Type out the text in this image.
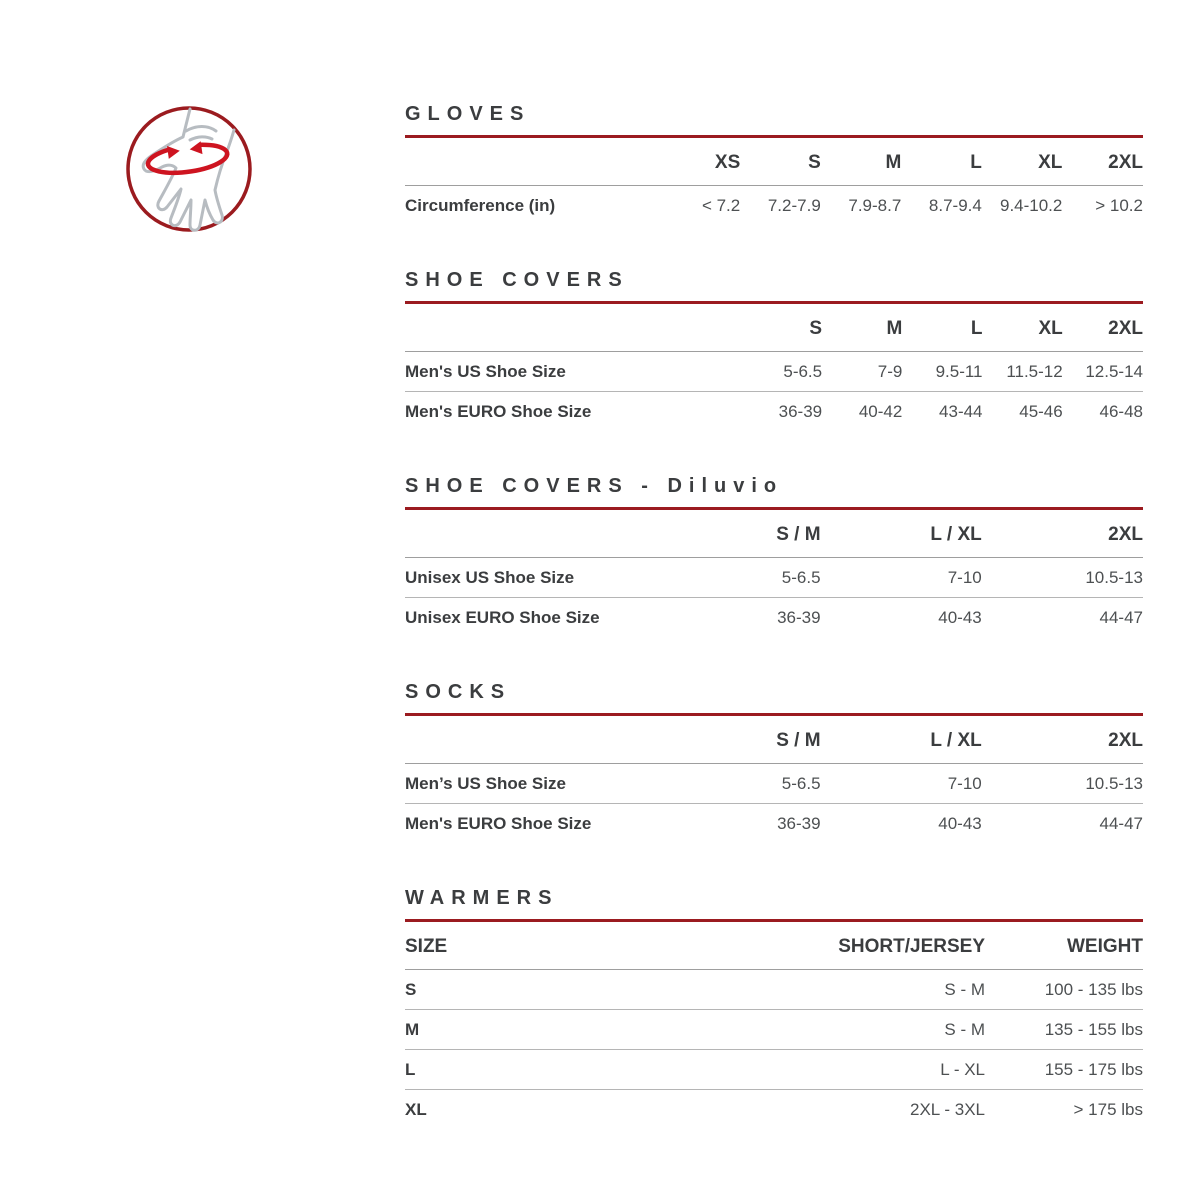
GLOVES
	XS	S	M	L	XL	2XL
Circumference (in)	< 7.2	7.2-7.9	7.9-8.7	8.7-9.4	9.4-10.2	> 10.2
SHOE COVERS
	S	M	L	XL	2XL
Men's US Shoe Size	5-6.5	7-9	9.5-11	11.5-12	12.5-14
Men's EURO Shoe Size	36-39	40-42	43-44	45-46	46-48
SHOE COVERS - Diluvio
	S / M	L / XL	2XL
Unisex US Shoe Size	5-6.5	7-10	10.5-13
Unisex EURO Shoe Size	36-39	40-43	44-47
SOCKS
	S / M	L / XL	2XL
Men’s US Shoe Size	5-6.5	7-10	10.5-13
Men's EURO Shoe Size	36-39	40-43	44-47
WARMERS
SIZE	SHORT/JERSEY	WEIGHT
S	S - M	100 - 135 lbs
M	S - M	135 - 155 lbs
L	L - XL	155 - 175 lbs
XL	2XL - 3XL	> 175 lbs
